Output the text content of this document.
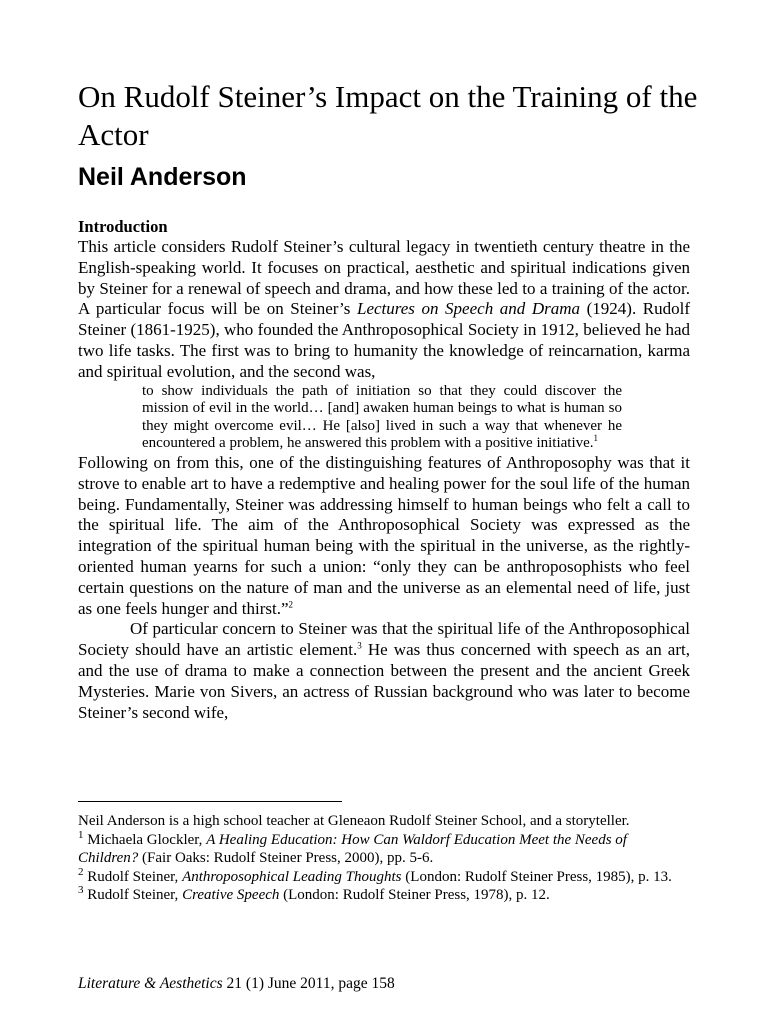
On Rudolf Steiner’s Impact on the Training of the Actor
Neil Anderson

Introduction

This article considers Rudolf Steiner’s cultural legacy in twentieth century theatre in the English-speaking world. It focuses on practical, aesthetic and spiritual indications given by Steiner for a renewal of speech and drama, and how these led to a training of the actor. A particular focus will be on Steiner’s Lectures on Speech and Drama (1924). Rudolf Steiner (1861-1925), who founded the Anthroposophical Society in 1912, believed he had two life tasks. The first was to bring to humanity the knowledge of reincarnation, karma and spiritual evolution, and the second was,

to show individuals the path of initiation so that they could discover the mission of evil in the world… [and] awaken human beings to what is human so they might overcome evil… He [also] lived in such a way that whenever he encountered a problem, he answered this problem with a positive initiative.$^1$

Following on from this, one of the distinguishing features of Anthroposophy was that it strove to enable art to have a redemptive and healing power for the soul life of the human being. Fundamentally, Steiner was addressing himself to human beings who felt a call to the spiritual life. The aim of the Anthroposophical Society was expressed as the integration of the spiritual human being with the spiritual in the universe, as the rightly-oriented human yearns for such a union: “only they can be anthroposophists who feel certain questions on the nature of man and the universe as an elemental need of life, just as one feels hunger and thirst.”$^2$

Of particular concern to Steiner was that the spiritual life of the Anthroposophical Society should have an artistic element.$^3$ He was thus concerned with speech as an art, and the use of drama to make a connection between the present and the ancient Greek Mysteries. Marie von Sivers, an actress of Russian background who was later to become Steiner’s second wife,

Neil Anderson is a high school teacher at Gleneaon Rudolf Steiner School, and a storyteller.

$^1$ Michaela Glockler, A Healing Education: How Can Waldorf Education Meet the Needs of Children? (Fair Oaks: Rudolf Steiner Press, 2000), pp. 5-6.

$^2$ Rudolf Steiner, Anthroposophical Leading Thoughts (London: Rudolf Steiner Press, 1985), p. 13.

$^3$ Rudolf Steiner, Creative Speech (London: Rudolf Steiner Press, 1978), p. 12.

Literature & Aesthetics 21 (1) June 2011, page 158
